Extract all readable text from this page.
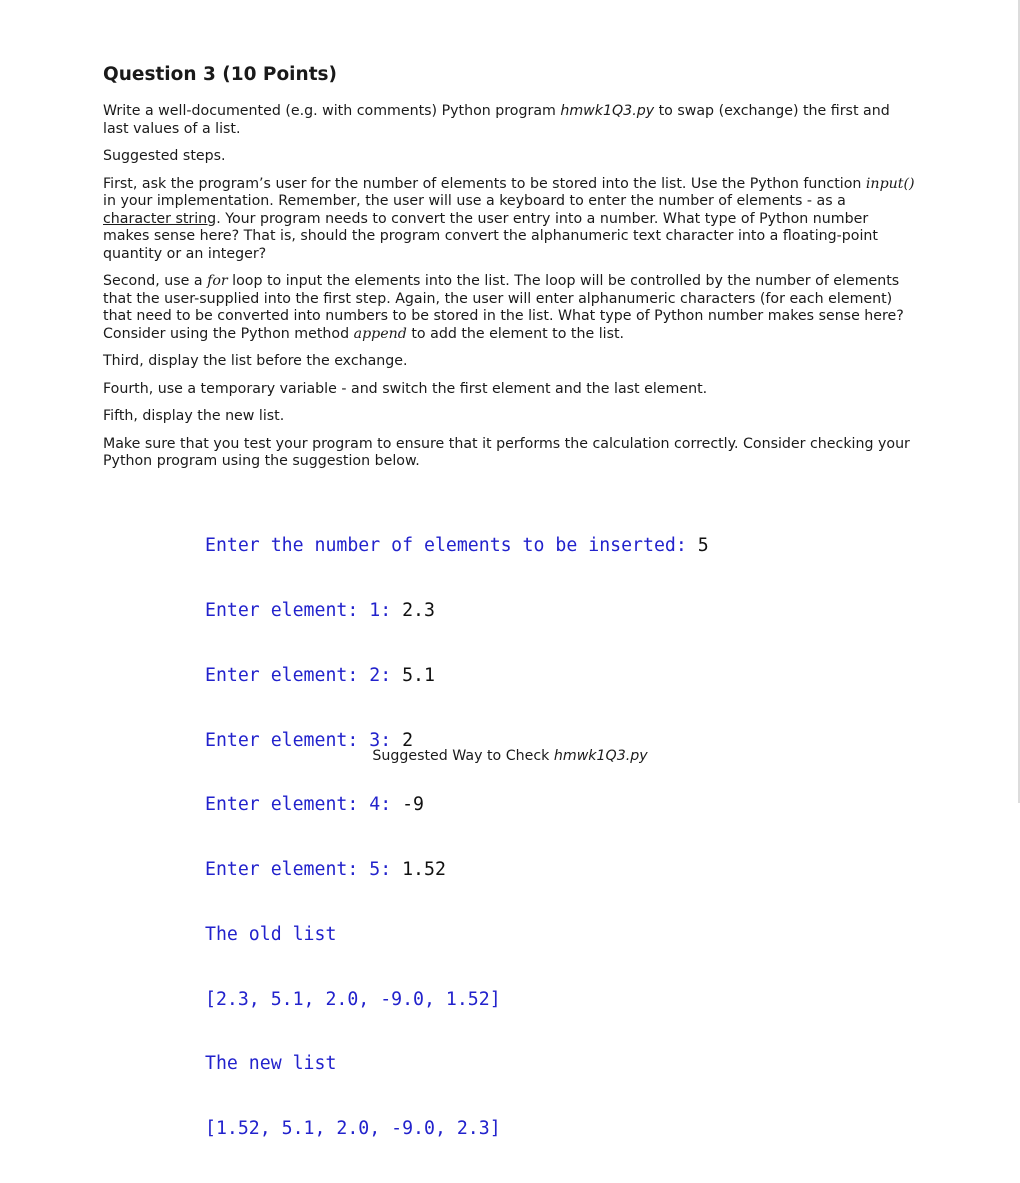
Question 3 (10 Points)

Write a well-documented (e.g. with comments) Python program hmwk1Q3.py to swap (exchange) the first and last values of a list.

Suggested steps.

First, ask the program’s user for the number of elements to be stored into the list. Use the Python function input() in your implementation. Remember, the user will use a keyboard to enter the number of elements - as a character string. Your program needs to convert the user entry into a number. What type of Python number makes sense here? That is, should the program convert the alphanumeric text character into a floating-point quantity or an integer?

Second, use a for loop to input the elements into the list. The loop will be controlled by the number of elements that the user-supplied into the first step. Again, the user will enter alphanumeric characters (for each element) that need to be converted into numbers to be stored in the list. What type of Python number makes sense here? Consider using the Python method append to add the element to the list.

Third, display the list before the exchange.

Fourth, use a temporary variable - and switch the first element and the last element.

Fifth, display the new list.

Make sure that you test your program to ensure that it performs the calculation correctly. Consider checking your Python program using the suggestion below.

Enter the number of elements to be inserted: 5

Enter element: 1: 2.3

Enter element: 2: 5.1

Enter element: 3: 2

Enter element: 4: -9

Enter element: 5: 1.52

The old list

[2.3, 5.1, 2.0, -9.0, 1.52]

The new list

[1.52, 5.1, 2.0, -9.0, 2.3]

Suggested Way to Check hmwk1Q3.py
